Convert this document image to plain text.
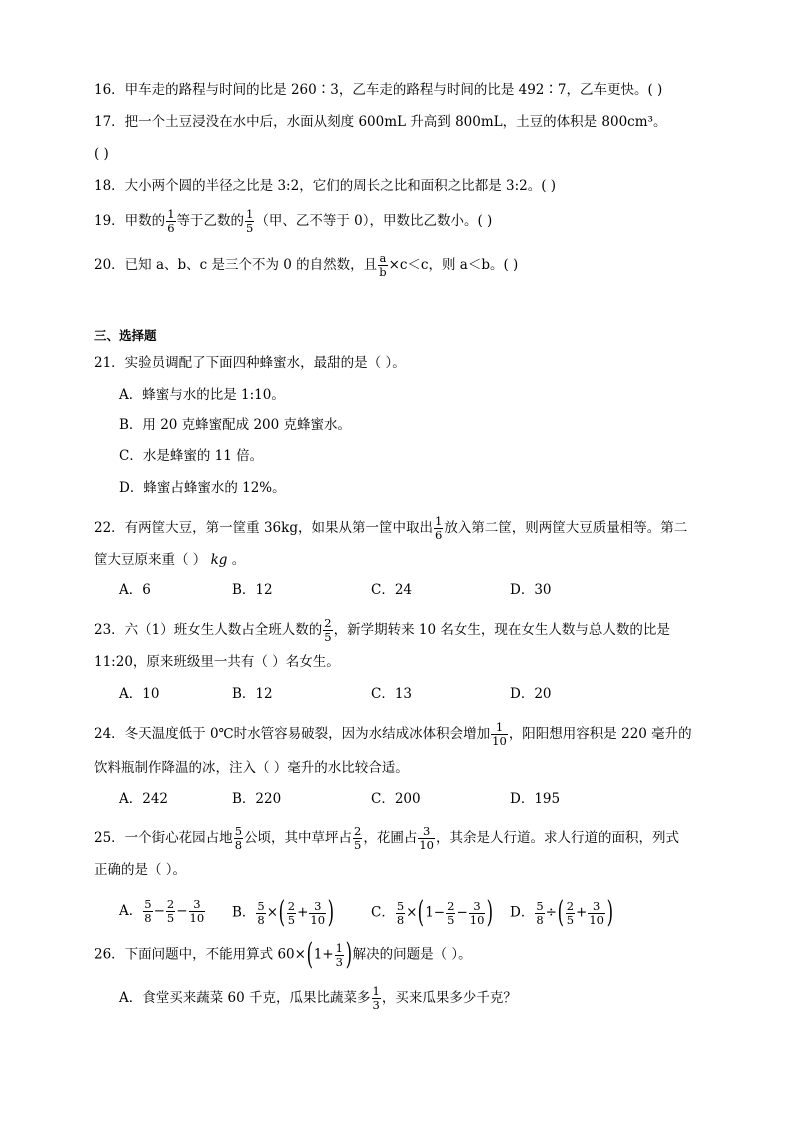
16．甲车走的路程与时间的比是 260∶3，乙车走的路程与时间的比是 492∶7，乙车更快。( )
17．把一个土豆浸没在水中后，水面从刻度 600mL 升高到 800mL，土豆的体积是 800cm³。
( )
18．大小两个圆的半径之比是 3:2，它们的周长之比和面积之比都是 3:2。( )
19．甲数的 $\frac{1}{6}$ 等于乙数的 $\frac{1}{5}$ （甲、乙不等于 0），甲数比乙数小。( )
20．已知 a、b、c 是三个不为 0 的自然数，且 $\frac{a}{b} \times c<c$，则 a＜b。( )
三、选择题
21．实验员调配了下面四种蜂蜜水，最甜的是（ ）。
A．蜂蜜与水的比是 1:10。
B．用 20 克蜂蜜配成 200 克蜂蜜水。
C．水是蜂蜜的 11 倍。
D．蜂蜜占蜂蜜水的 12%。
22．有两筐大豆，第一筐重 36kg，如果从第一筐中取出 $\frac{1}{6}$ 放入第二筐，则两筐大豆质量相等。第二
筐大豆原来重（ ） kg 。
A．6	B．12	C．24	D．30
23．六（1）班女生人数占全班人数的 $\frac{2}{5}$ ，新学期转来 10 名女生，现在女生人数与总人数的比是
11:20，原来班级里一共有（ ）名女生。
A．10	B．12	C．13	D．20
24．冬天温度低于 0℃时水管容易破裂，因为水结成冰体积会增加 $\frac{1}{10}$ ，阳阳想用容积是 220 毫升的
饮料瓶制作降温的冰，注入（ ）毫升的水比较合适。
A．242	B．220	C．200	D．195
25．一个街心花园占地 $\frac{5}{8}$ 公顷，其中草坪占 $\frac{2}{5}$ ，花圃占 $\frac{3}{10}$ ，其余是人行道。求人行道的面积，列式
正确的是（ ）。
A． $\frac{5}{8} - \frac{2}{5} - \frac{3}{10}$ B． $\frac{5}{8}$ ×( $\frac{2}{5} + \frac{3}{10}$ )	C． $\frac{5}{8} \times(1- \frac{2}{5} - \frac{3}{10}$ ) D． $\frac{5}{8}$ ÷( $\frac{2}{5} + \frac{3}{10}$ )
26．下面问题中，不能用算式 $60\times(1+ \frac{1}{3}$ )解决的问题是（ ）。
A．食堂买来蔬菜 60 千克，瓜果比蔬菜多 $\frac{1}{3}$ ，买来瓜果多少千克？
